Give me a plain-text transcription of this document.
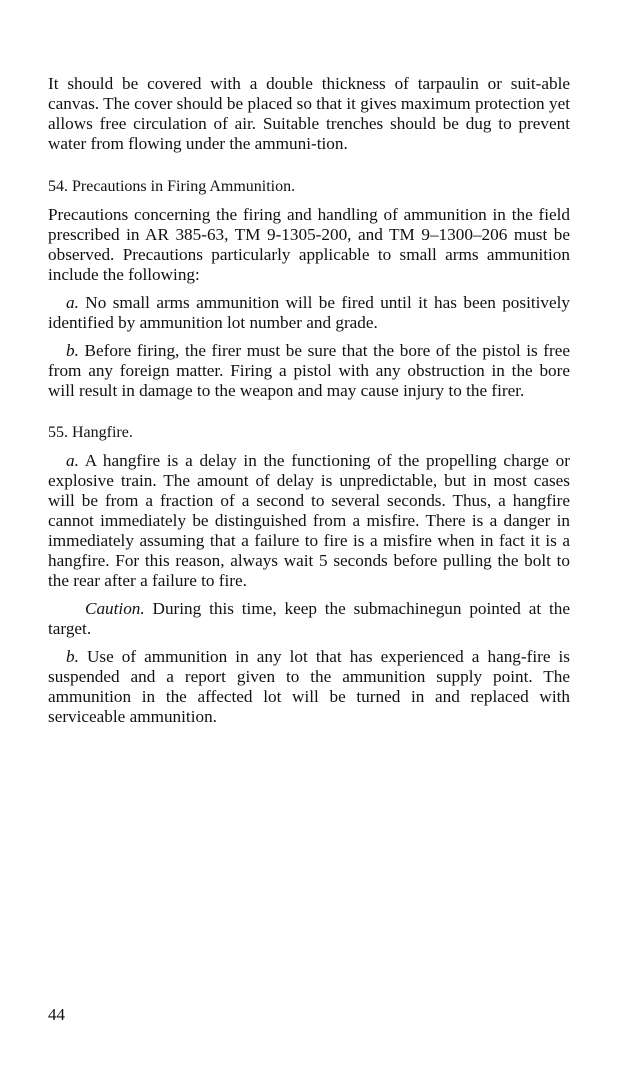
It should be covered with a double thickness of tarpaulin or suit-able canvas. The cover should be placed so that it gives maximum protection yet allows free circulation of air. Suitable trenches should be dug to prevent water from flowing under the ammuni-tion.

54. Precautions in Firing Ammunition.

Precautions concerning the firing and handling of ammunition in the field prescribed in AR 385-63, TM 9-1305-200, and TM 9–1300–206 must be observed. Precautions particularly applicable to small arms ammunition include the following:

a. No small arms ammunition will be fired until it has been positively identified by ammunition lot number and grade.

b. Before firing, the firer must be sure that the bore of the pistol is free from any foreign matter. Firing a pistol with any obstruction in the bore will result in damage to the weapon and may cause injury to the firer.

55. Hangfire.

a. A hangfire is a delay in the functioning of the propelling charge or explosive train. The amount of delay is unpredictable, but in most cases will be from a fraction of a second to several seconds. Thus, a hangfire cannot immediately be distinguished from a misfire. There is a danger in immediately assuming that a failure to fire is a misfire when in fact it is a hangfire. For this reason, always wait 5 seconds before pulling the bolt to the rear after a failure to fire.

Caution. During this time, keep the submachinegun pointed at the target.

b. Use of ammunition in any lot that has experienced a hang-fire is suspended and a report given to the ammunition supply point. The ammunition in the affected lot will be turned in and replaced with serviceable ammunition.

44
